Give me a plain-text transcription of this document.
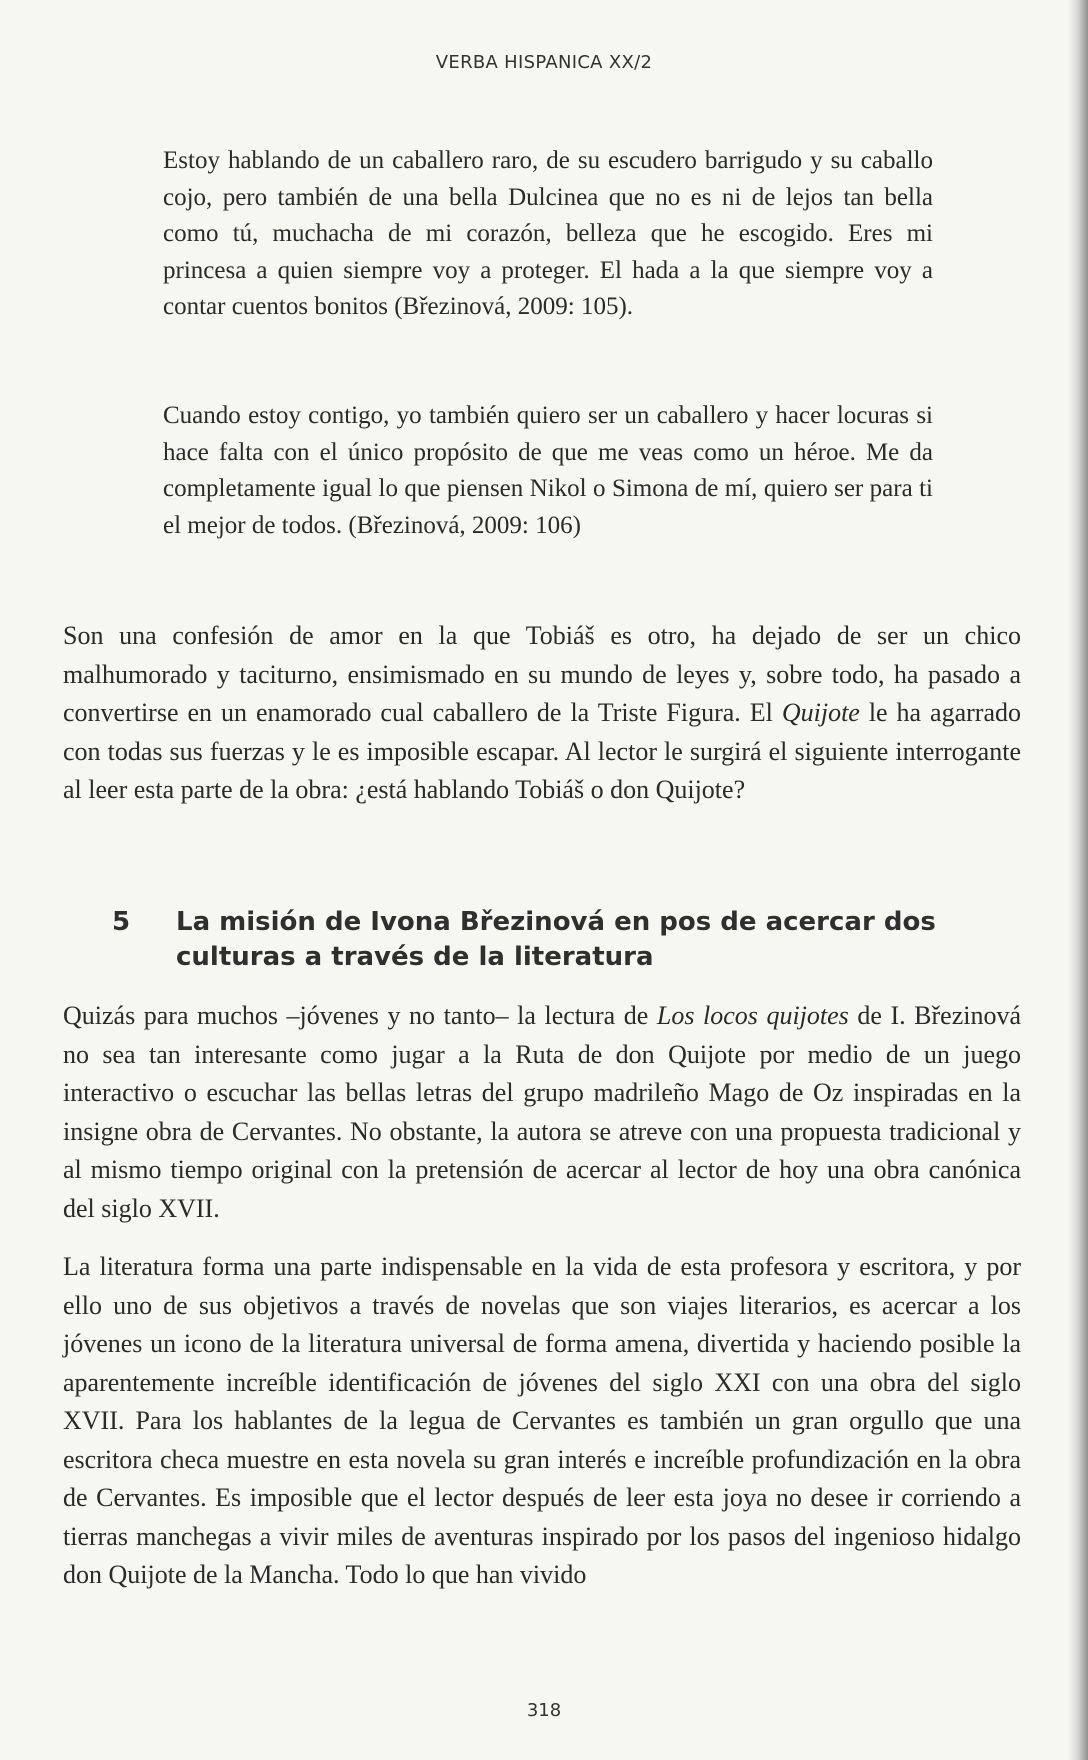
VERBA HISPANICA XX/2

Estoy hablando de un caballero raro, de su escudero barrigudo y su caballo cojo, pero también de una bella Dulcinea que no es ni de lejos tan bella como tú, muchacha de mi corazón, belleza que he escogido. Eres mi princesa a quien siempre voy a proteger. El hada a la que siempre voy a contar cuentos bonitos (Březinová, 2009: 105).

Cuando estoy contigo, yo también quiero ser un caballero y hacer locuras si hace falta con el único propósito de que me veas como un héroe. Me da completamente igual lo que piensen Nikol o Simona de mí, quiero ser para ti el mejor de todos. (Březinová, 2009: 106)

Son una confesión de amor en la que Tobiáš es otro, ha dejado de ser un chico malhumorado y taciturno, ensimismado en su mundo de leyes y, sobre todo, ha pasado a convertirse en un enamorado cual caballero de la Triste Figura. El Quijote le ha agarrado con todas sus fuerzas y le es imposible escapar. Al lector le surgirá el siguiente interrogante al leer esta parte de la obra: ¿está hablando Tobiáš o don Quijote?

5	La misión de Ivona Březinová en pos de acercar dos culturas a través de la literatura

Quizás para muchos –jóvenes y no tanto– la lectura de Los locos quijotes de I. Březinová no sea tan interesante como jugar a la Ruta de don Quijote por medio de un juego interactivo o escuchar las bellas letras del grupo madrileño Mago de Oz inspiradas en la insigne obra de Cervantes. No obstante, la autora se atreve con una propuesta tradicional y al mismo tiempo original con la pretensión de acercar al lector de hoy una obra canónica del siglo XVII.

La literatura forma una parte indispensable en la vida de esta profesora y escritora, y por ello uno de sus objetivos a través de novelas que son viajes literarios, es acercar a los jóvenes un icono de la literatura universal de forma amena, divertida y haciendo posible la aparentemente increíble identificación de jóvenes del siglo XXI con una obra del siglo XVII. Para los hablantes de la legua de Cervantes es también un gran orgullo que una escritora checa muestre en esta novela su gran interés e increíble profundización en la obra de Cervantes. Es imposible que el lector después de leer esta joya no desee ir corriendo a tierras manchegas a vivir miles de aventuras inspirado por los pasos del ingenioso hidalgo don Quijote de la Mancha. Todo lo que han vivido

318
